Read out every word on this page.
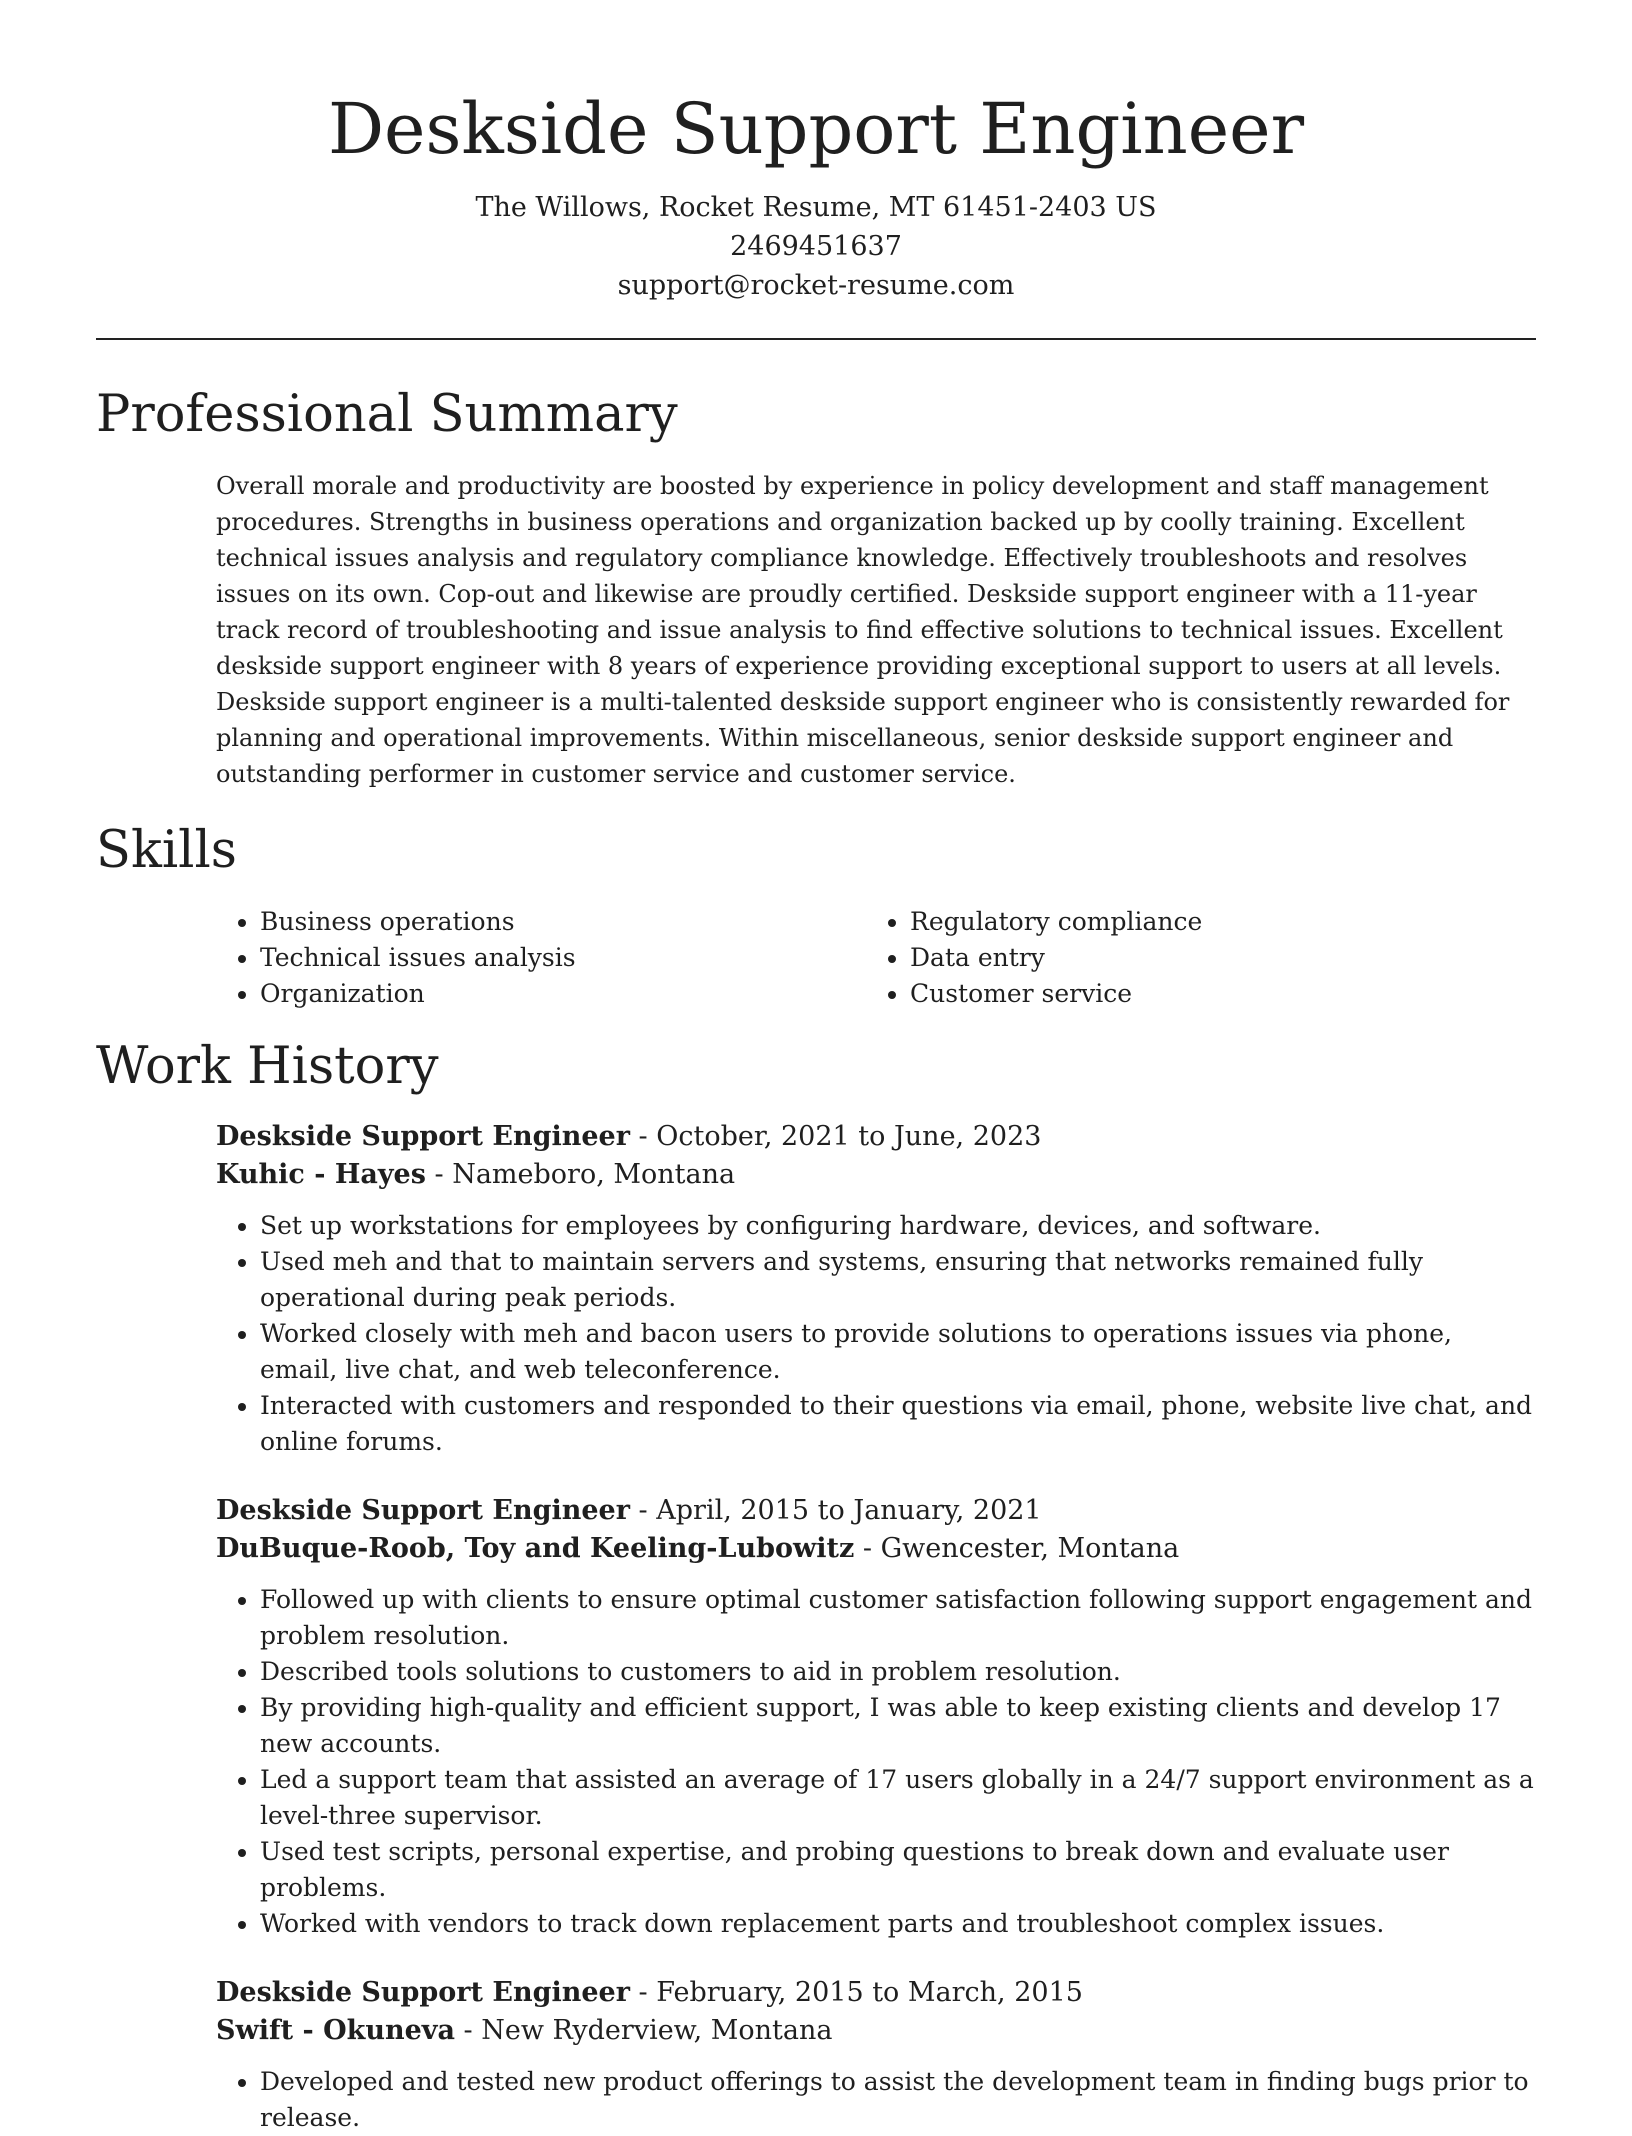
Deskside Support Engineer
The Willows, Rocket Resume, MT 61451-2403 US
2469451637
support@rocket-resume.com
Professional Summary

Overall morale and productivity are boosted by experience in policy development and staff management procedures. Strengths in business operations and organization backed up by coolly training. Excellent technical issues analysis and regulatory compliance knowledge. Effectively troubleshoots and resolves issues on its own. Cop-out and likewise are proudly certified. Deskside support engineer with a 11-year track record of troubleshooting and issue analysis to find effective solutions to technical issues. Excellent deskside support engineer with 8 years of experience providing exceptional support to users at all levels. Deskside support engineer is a multi-talented deskside support engineer who is consistently rewarded for planning and operational improvements. Within miscellaneous, senior deskside support engineer and outstanding performer in customer service and customer service.

Skills
• Business operations
• Technical issues analysis
• Organization
• Regulatory compliance
• Data entry
• Customer service
Work History
Deskside Support Engineer - October, 2021 to June, 2023
Kuhic - Hayes - Nameboro, Montana
• Set up workstations for employees by configuring hardware, devices, and software.
• Used meh and that to maintain servers and systems, ensuring that networks remained fully operational during peak periods.
• Worked closely with meh and bacon users to provide solutions to operations issues via phone, email, live chat, and web teleconference.
• Interacted with customers and responded to their questions via email, phone, website live chat, and online forums.
Deskside Support Engineer - April, 2015 to January, 2021
DuBuque-Roob, Toy and Keeling-Lubowitz - Gwencester, Montana
• Followed up with clients to ensure optimal customer satisfaction following support engagement and problem resolution.
• Described tools solutions to customers to aid in problem resolution.
• By providing high-quality and efficient support, I was able to keep existing clients and develop 17 new accounts.
• Led a support team that assisted an average of 17 users globally in a 24/7 support environment as a level-three supervisor.
• Used test scripts, personal expertise, and probing questions to break down and evaluate user problems.
• Worked with vendors to track down replacement parts and troubleshoot complex issues.
Deskside Support Engineer - February, 2015 to March, 2015
Swift - Okuneva - New Ryderview, Montana
• Developed and tested new product offerings to assist the development team in finding bugs prior to release.
